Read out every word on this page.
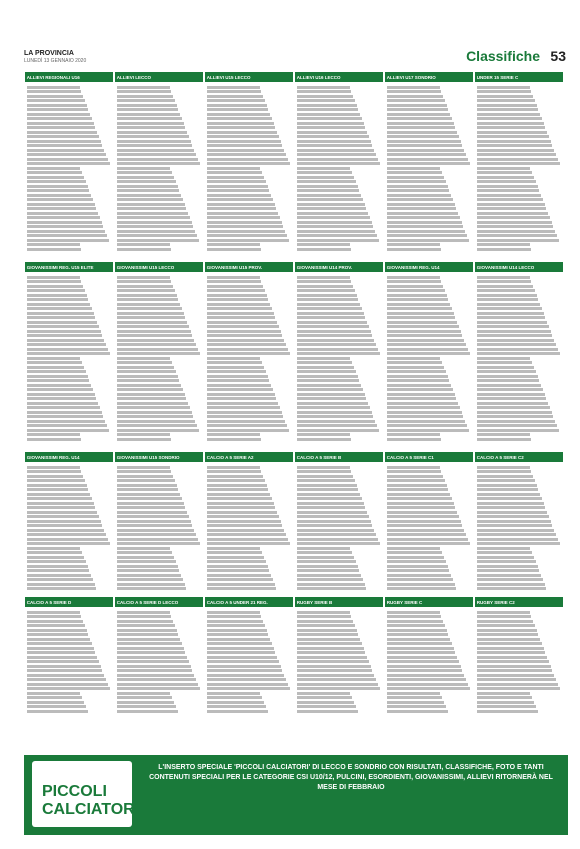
LA PROVINCIA
LUNEDÌ 13 GENNAIO 2020	Classifiche 53
ALLIEVI REGIONALI U16	ALLIEVI LECCO	ALLIEVI U15 LECCO	ALLIEVI U16 LECCO	ALLIEVI U17 SONDRIO	UNDER 15 SERIE C
GIOVANISSIMI REG. U15 ELITE	GIOVANISSIMI U15 LECCO	GIOVANISSIMI U15 PROV.	GIOVANISSIMI U14 PROV.	GIOVANISSIMI REG. U14	GIOVANISSIMI U14 LECCO
GIOVANISSIMI REG. U14	GIOVANISSIMI U15 SONDRIO	CALCIO A 5 SERIE A2	CALCIO A 5 SERIE B	CALCIO A 5 SERIE C1	CALCIO A 5 SERIE C2
CALCIO A 5 SERIE D	CALCIO A 5 SERIE D LECCO	CALCIO A 5 UNDER 21 REG.	RUGBY SERIE B	RUGBY SERIE C	RUGBY SERIE C2
PICCOLI CALCIATORI
L'INSERTO SPECIALE 'PICCOLI CALCIATORI' DI LECCO E SONDRIO CON RISULTATI, CLASSIFICHE, FOTO E TANTI CONTENUTI SPECIALI PER LE CATEGORIE CSI U10/12, PULCINI, ESORDIENTI, GIOVANISSIMI, ALLIEVI RITORNERÀ NEL MESE DI FEBBRAIO
